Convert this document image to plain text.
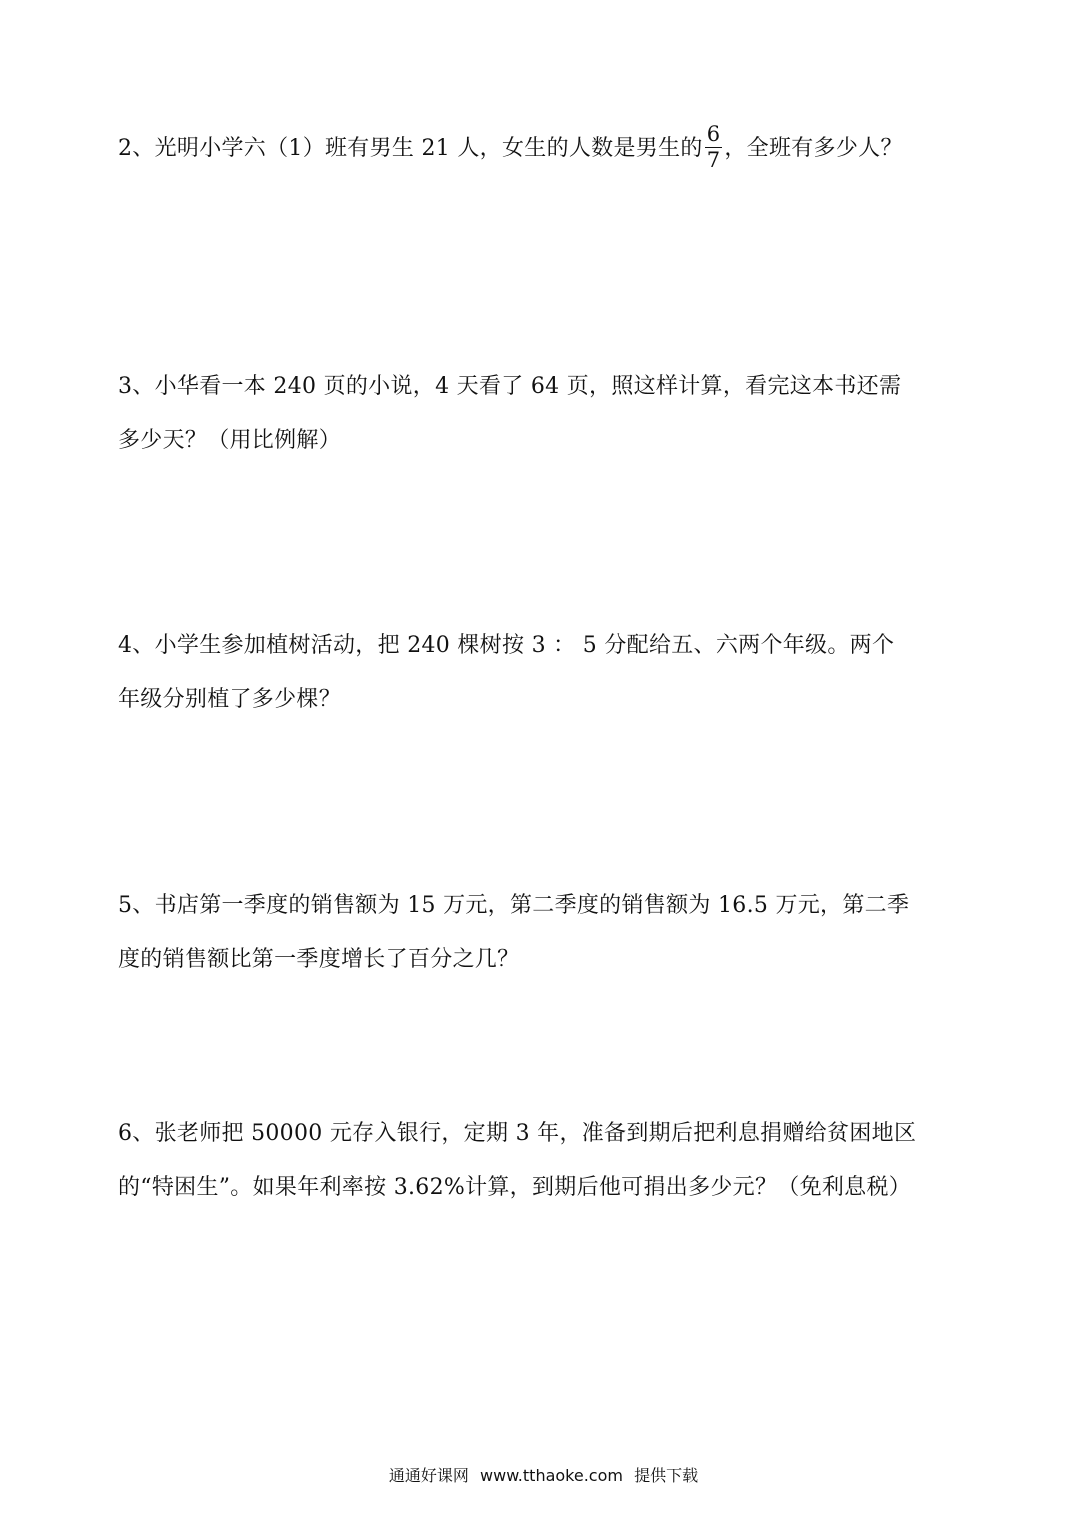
2、光明小学六（1）班有男生 21 人，女生的人数是男生的 $\frac{6}{7}$ ，全班有多少人？
3、小华看一本 240 页的小说，4 天看了 64 页，照这样计算，看完这本书还需
多少天？（用比例解）
4、小学生参加植树活动，把 240 棵树按 3 ： 5 分配给五、六两个年级。两个
年级分别植了多少棵？
5、书店第一季度的销售额为 15 万元，第二季度的销售额为 16.5 万元，第二季
度的销售额比第一季度增长了百分之几？
6、张老师把 50000 元存入银行，定期 3 年，准备到期后把利息捐赠给贫困地区
的“特困生”。如果年利率按 3.62%计算，到期后他可捐出多少元？（免利息税）
通通好课网 www.tthaoke.com 提供下载
